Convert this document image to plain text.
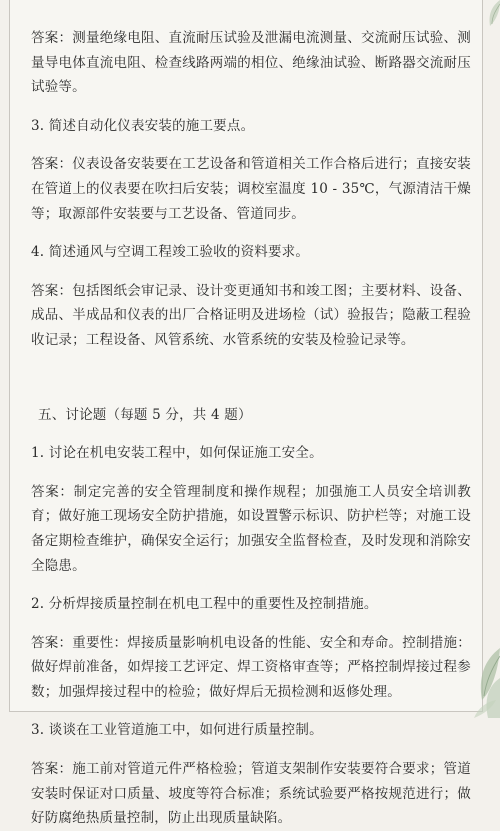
答案：测量绝缘电阻、直流耐压试验及泄漏电流测量、交流耐压试验、测量导电体直流电阻、检查线路两端的相位、绝缘油试验、断路器交流耐压试验等。

3. 简述自动化仪表安装的施工要点。

答案：仪表设备安装要在工艺设备和管道相关工作合格后进行；直接安装在管道上的仪表要在吹扫后安装；调校室温度 10 - 35℃，气源清洁干燥等；取源部件安装要与工艺设备、管道同步。

4. 简述通风与空调工程竣工验收的资料要求。

答案：包括图纸会审记录、设计变更通知书和竣工图；主要材料、设备、成品、半成品和仪表的出厂合格证明及进场检（试）验报告；隐蔽工程验收记录；工程设备、风管系统、水管系统的安装及检验记录等。

五、讨论题（每题 5 分，共 4 题）

1. 讨论在机电安装工程中，如何保证施工安全。

答案：制定完善的安全管理制度和操作规程；加强施工人员安全培训教育；做好施工现场安全防护措施，如设置警示标识、防护栏等；对施工设备定期检查维护，确保安全运行；加强安全监督检查，及时发现和消除安全隐患。

2. 分析焊接质量控制在机电工程中的重要性及控制措施。

答案：重要性：焊接质量影响机电设备的性能、安全和寿命。控制措施：做好焊前准备，如焊接工艺评定、焊工资格审查等；严格控制焊接过程参数；加强焊接过程中的检验；做好焊后无损检测和返修处理。

3. 谈谈在工业管道施工中，如何进行质量控制。

答案：施工前对管道元件严格检验；管道支架制作安装要符合要求；管道安装时保证对口质量、坡度等符合标准；系统试验要严格按规范进行；做好防腐绝热质量控制，防止出现质量缺陷。
